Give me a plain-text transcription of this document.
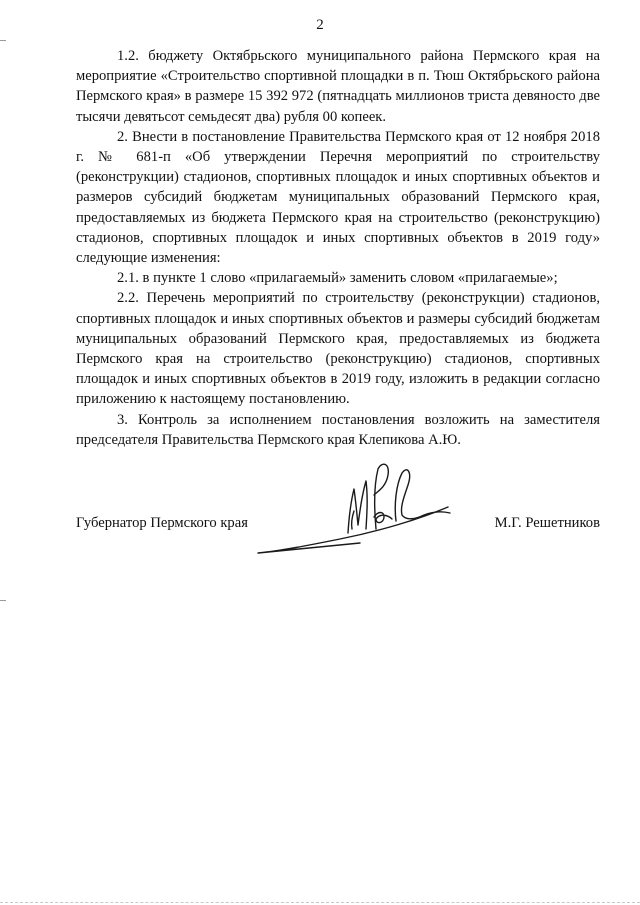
2

1.2. бюджету Октябрьского муниципального района Пермского края на мероприятие «Строительство спортивной площадки в п. Тюш Октябрьского района Пермского края» в размере 15 392 972 (пятнадцать миллионов триста девяносто две тысячи девятьсот семьдесят два) рубля 00 копеек.

2. Внести в постановление Правительства Пермского края от 12 ноября 2018 г. № 681-п «Об утверждении Перечня мероприятий по строительству (реконструкции) стадионов, спортивных площадок и иных спортивных объектов и размеров субсидий бюджетам муниципальных образований Пермского края, предоставляемых из бюджета Пермского края на строительство (реконструкцию) стадионов, спортивных площадок и иных спортивных объектов в 2019 году» следующие изменения:

2.1. в пункте 1 слово «прилагаемый» заменить словом «прилагаемые»;

2.2. Перечень мероприятий по строительству (реконструкции) стадионов, спортивных площадок и иных спортивных объектов и размеры субсидий бюджетам муниципальных образований Пермского края, предоставляемых из бюджета Пермского края на строительство (реконструкцию) стадионов, спортивных площадок и иных спортивных объектов в 2019 году, изложить в редакции согласно приложению к настоящему постановлению.

3. Контроль за исполнением постановления возложить на заместителя председателя Правительства Пермского края Клепикова А.Ю.

Губернатор Пермского края	М.Г. Решетников
